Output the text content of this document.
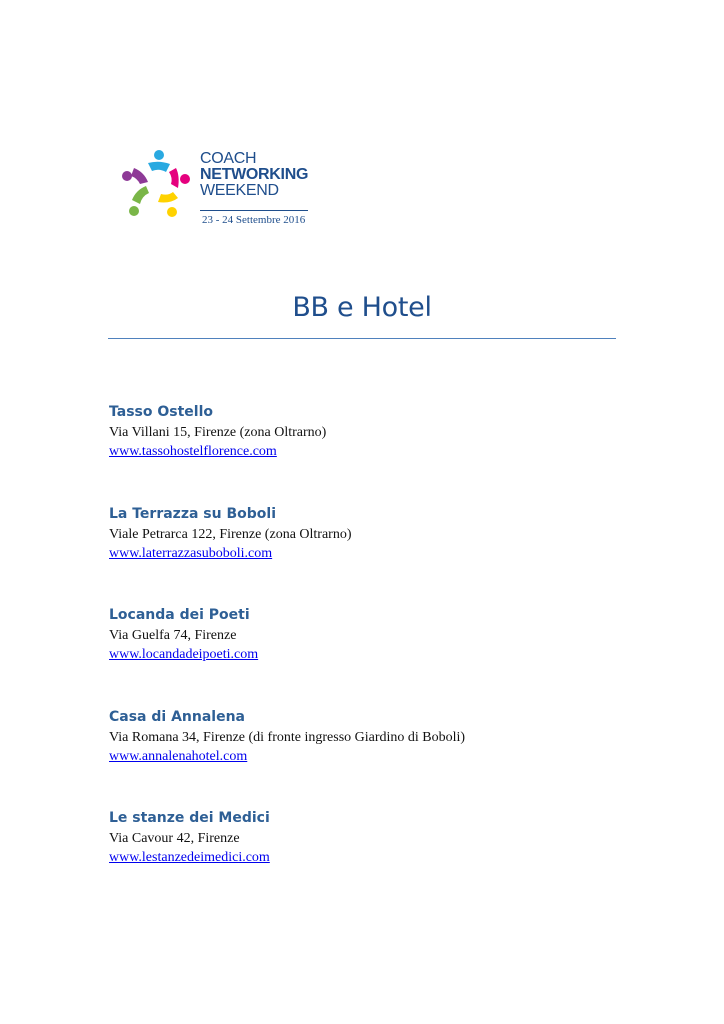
COACH
NETWORKING
WEEKEND
23 - 24 Settembre 2016
BB e Hotel
Tasso Ostello
Via Villani 15, Firenze (zona Oltrarno)
www.tassohostelflorence.com
La Terrazza su Boboli
Viale Petrarca 122, Firenze (zona Oltrarno)
www.laterrazzasuboboli.com
Locanda dei Poeti
Via Guelfa 74, Firenze
www.locandadeipoeti.com
Casa di Annalena
Via Romana 34, Firenze (di fronte ingresso Giardino di Boboli)
www.annalenahotel.com
Le stanze dei Medici
Via Cavour 42, Firenze
www.lestanzedeimedici.com
